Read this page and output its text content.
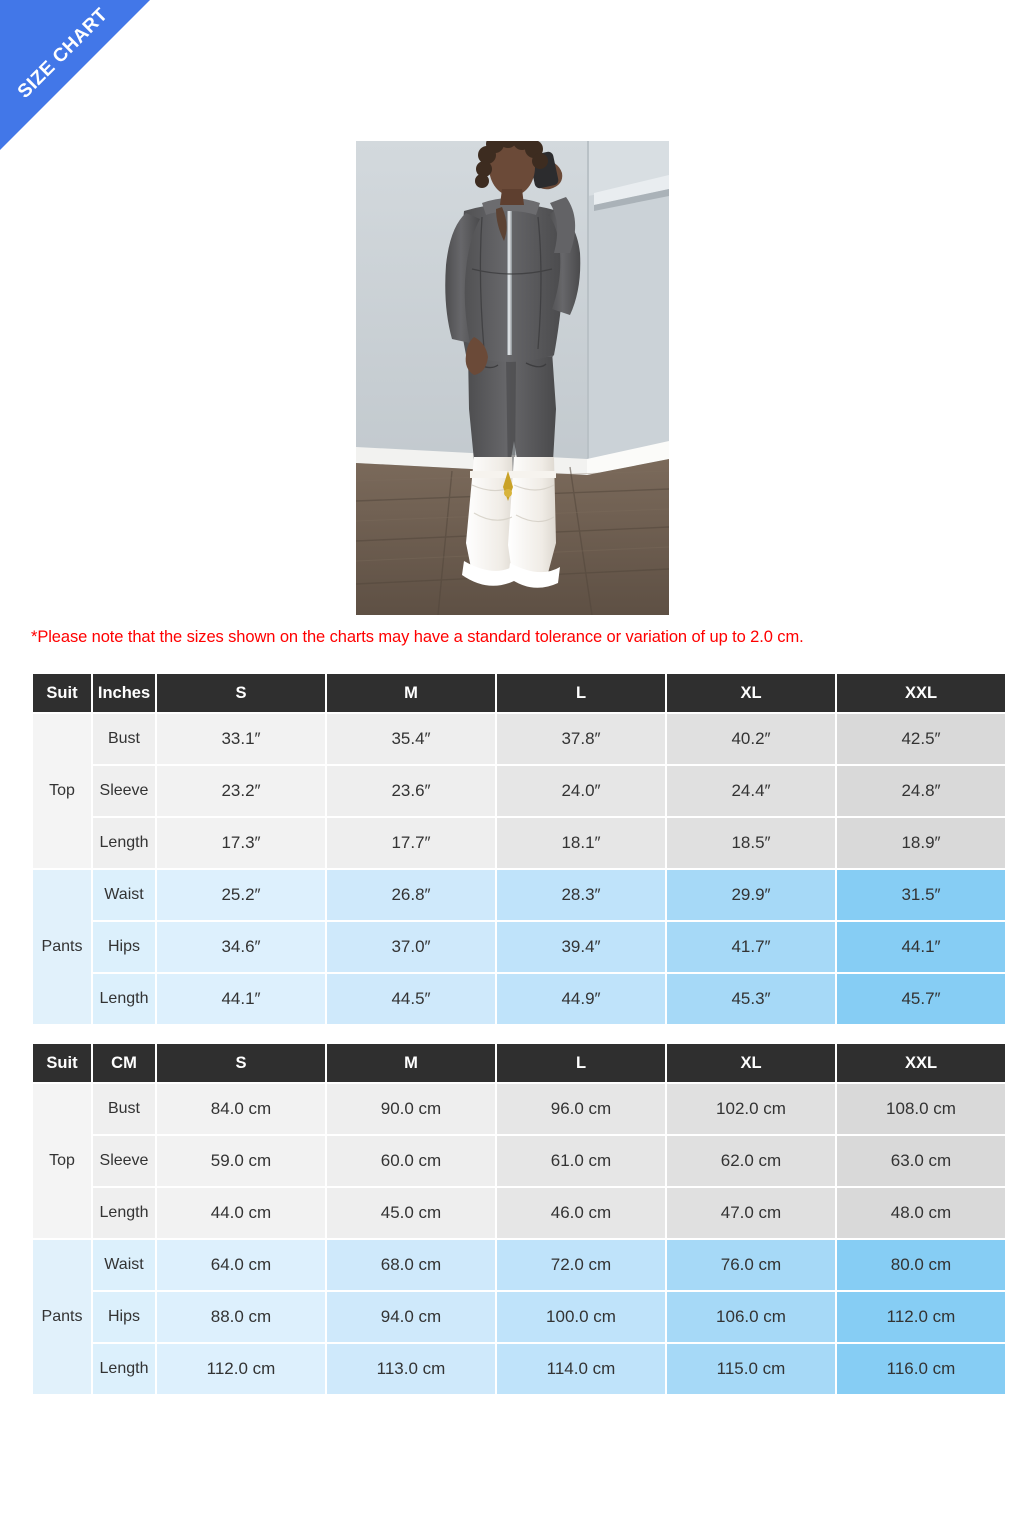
SIZE CHART
*Please note that the sizes shown on the charts may have a standard tolerance or variation of up to 2.0 cm.
Suit	Inches	S	M	L	XL	XXL
Top	Bust	33.1″	35.4″	37.8″	40.2″	42.5″
	Sleeve	23.2″	23.6″	24.0″	24.4″	24.8″
	Length	17.3″	17.7″	18.1″	18.5″	18.9″
Pants	Waist	25.2″	26.8″	28.3″	29.9″	31.5″
	Hips	34.6″	37.0″	39.4″	41.7″	44.1″
	Length	44.1″	44.5″	44.9″	45.3″	45.7″
Suit	CM	S	M	L	XL	XXL
Top	Bust	84.0 cm	90.0 cm	96.0 cm	102.0 cm	108.0 cm
	Sleeve	59.0 cm	60.0 cm	61.0 cm	62.0 cm	63.0 cm
	Length	44.0 cm	45.0 cm	46.0 cm	47.0 cm	48.0 cm
Pants	Waist	64.0 cm	68.0 cm	72.0 cm	76.0 cm	80.0 cm
	Hips	88.0 cm	94.0 cm	100.0 cm	106.0 cm	112.0 cm
	Length	112.0 cm	113.0 cm	114.0 cm	115.0 cm	116.0 cm
